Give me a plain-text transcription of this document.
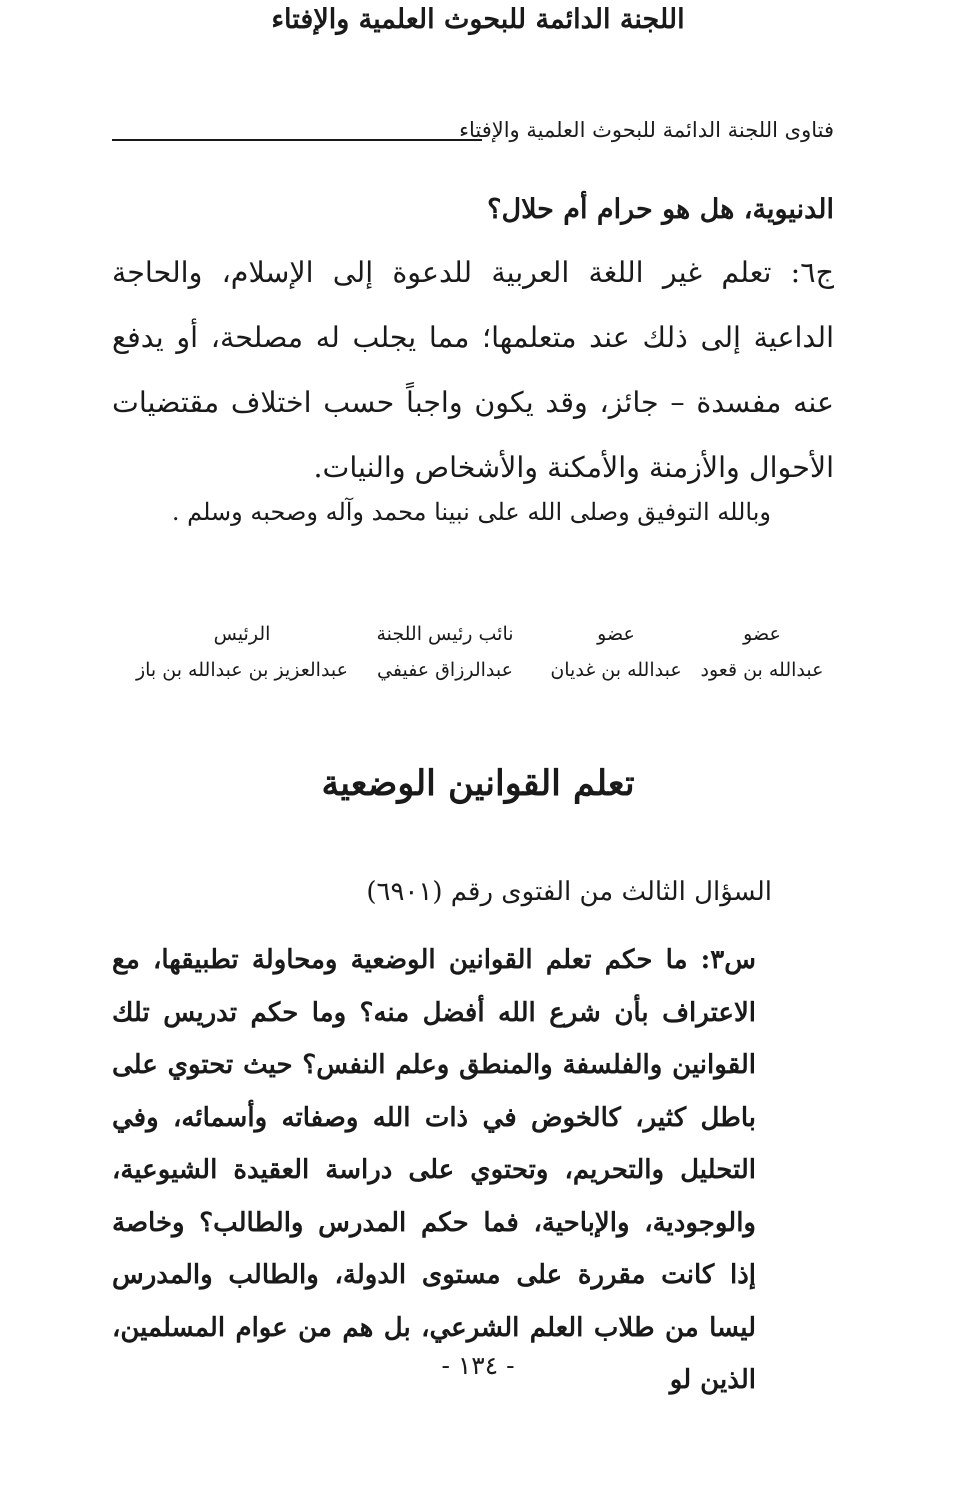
فتاوى اللجنة الدائمة للبحوث العلمية والإفتاء
الدنيوية، هل هو حرام أم حلال؟
ج٦: تعلم غير اللغة العربية للدعوة إلى الإسلام، والحاجة الداعية إلى ذلك عند متعلمها؛ مما يجلب له مصلحة، أو يدفع عنه مفسدة – جائز، وقد يكون واجباً حسب اختلاف مقتضيات الأحوال والأزمنة والأمكنة والأشخاص والنيات.
وبالله التوفيق وصلى الله على نبينا محمد وآله وصحبه وسلم .
اللجنة الدائمة للبحوث العلمية والإفتاء
عضو
عبدالله بن قعود
عضو
عبدالله بن غديان
نائب رئيس اللجنة
عبدالرزاق عفيفي
الرئيس
عبدالعزيز بن عبدالله بن باز
تعلم القوانين الوضعية
السؤال الثالث من الفتوى رقم (٦٩٠١)
س٣: ما حكم تعلم القوانين الوضعية ومحاولة تطبيقها، مع الاعتراف بأن شرع الله أفضل منه؟ وما حكم تدريس تلك القوانين والفلسفة والمنطق وعلم النفس؟ حيث تحتوي على باطل كثير، كالخوض في ذات الله وصفاته وأسمائه، وفي التحليل والتحريم، وتحتوي على دراسة العقيدة الشيوعية، والوجودية، والإباحية، فما حكم المدرس والطالب؟ وخاصة إذا كانت مقررة على مستوى الدولة، والطالب والمدرس ليسا من طلاب العلم الشرعي، بل هم من عوام المسلمين، الذين لو
- ١٣٤ -
